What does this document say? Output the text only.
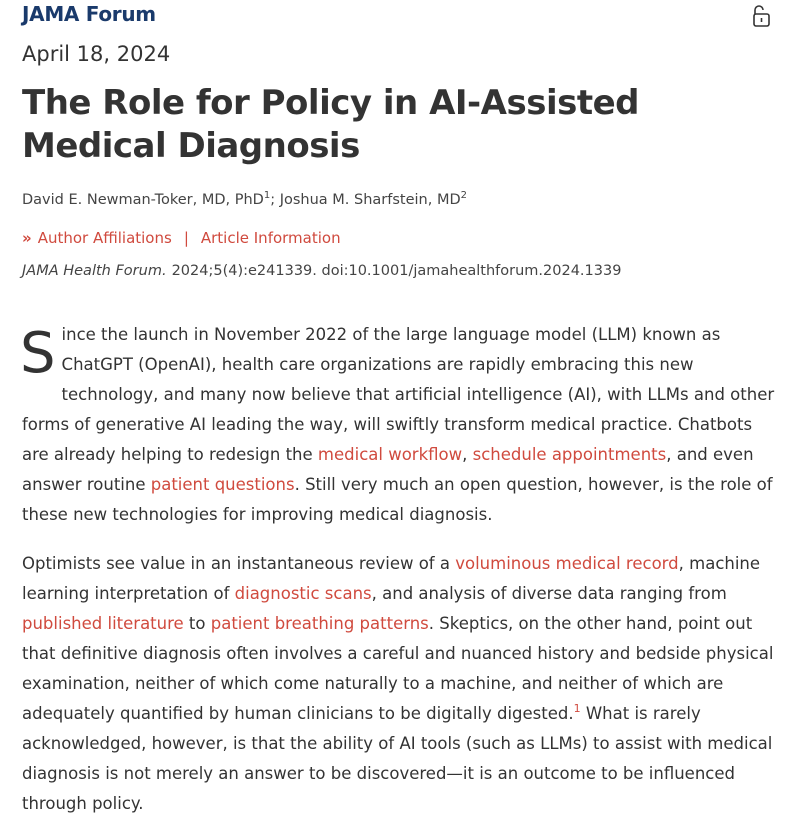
JAMA Forum
April 18, 2024
The Role for Policy in AI-Assisted Medical Diagnosis
David E. Newman-Toker, MD, PhD$^1$; Joshua M. Sharfstein, $MD^2$
» Author Affiliations | Article Information
JAMA Health Forum. 2024;5(4):e241339. doi:10.1001/jamahealthforum.2024.1339

Since the launch in November 2022 of the large language model (LLM) known as ChatGPT (OpenAI), health care organizations are rapidly embracing this new technology, and many now believe that artificial intelligence (AI), with LLMs and other forms of generative AI leading the way, will swiftly transform medical practice. Chatbots are already helping to redesign the medical workflow, schedule appointments, and even answer routine patient questions. Still very much an open question, however, is the role of these new technologies for improving medical diagnosis.

Optimists see value in an instantaneous review of a voluminous medical record, machine learning interpretation of diagnostic scans, and analysis of diverse data ranging from published literature to patient breathing patterns. Skeptics, on the other hand, point out that definitive diagnosis often involves a careful and nuanced history and bedside physical examination, neither of which come naturally to a machine, and neither of which are adequately quantified by human clinicians to be digitally digested.$^1$ What is rarely acknowledged, however, is that the ability of AI tools (such as LLMs) to assist with medical diagnosis is not merely an answer to be discovered—it is an outcome to be influenced through policy.
